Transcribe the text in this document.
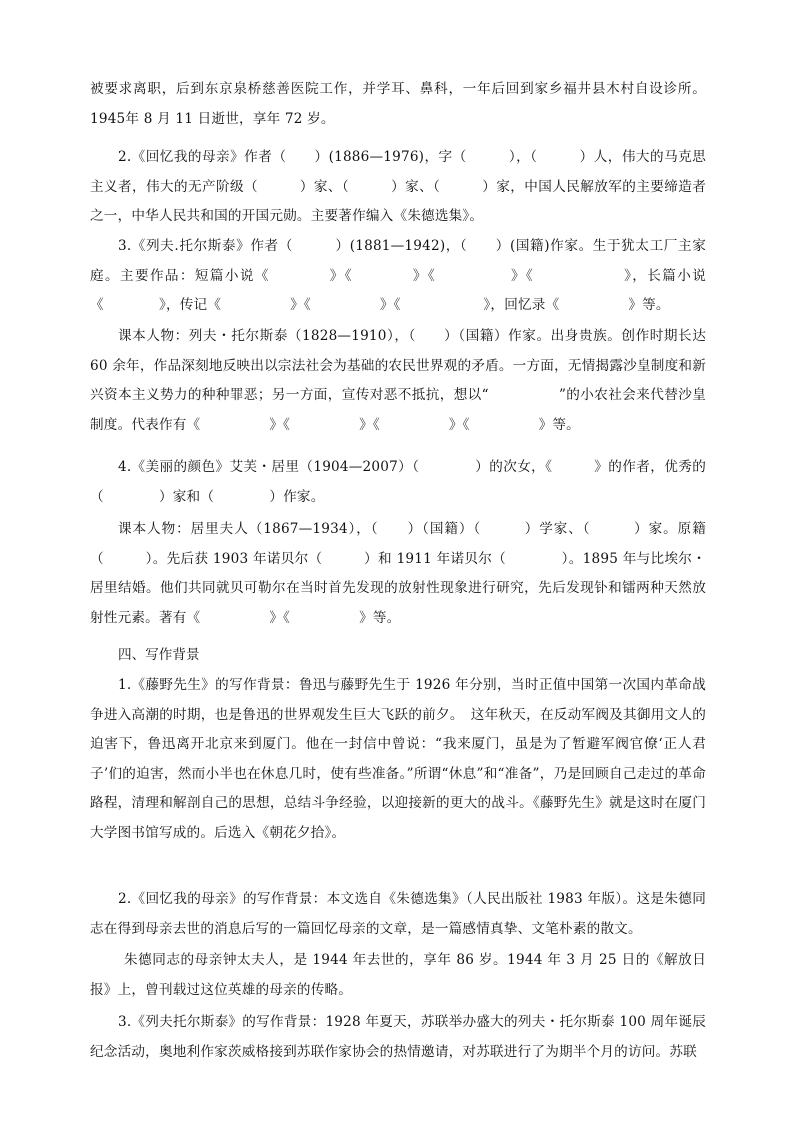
被要求离职，后到东京泉桥慈善医院工作，并学耳、鼻科，一年后回到家乡福井县木村自设诊所。1945年 8 月 11 日逝世，享年 72 岁。

2.《回忆我的母亲》作者（　　）(1886—1976)，字（　　　），（　　　）人，伟大的马克思主义者，伟大的无产阶级（　　　）家、（　　　）家、（　　　）家，中国人民解放军的主要缔造者之一，中华人民共和国的开国元勋。主要著作编入《朱德选集》。

3.《列夫.托尔斯泰》作者（　　　）(1881—1942)，（　　）(国籍)作家。生于犹太工厂主家庭。主要作品：短篇小说《　　　　》《　　　　》《　　　　　》《　　　　　　》，长篇小说《　　　　》，传记《　　　　　》《　　　　　》《　　　　　　》，回忆录《　　　　　》等。

课本人物：列夫・托尔斯泰（1828—1910），（　　）（国籍）作家。出身贵族。创作时期长达 60 余年，作品深刻地反映出以宗法社会为基础的农民世界观的矛盾。一方面，无情揭露沙皇制度和新兴资本主义势力的种种罪恶；另一方面，宣传对恶不抵抗，想以“　　　　　”的小农社会来代替沙皇制度。代表作有《　　　　　》《　　　　　》《　　　　　》《　　　　　》等。

4.《美丽的颜色》艾芙・居里（1904—2007）（　　　　）的次女，《　　　》的作者，优秀的（　　　　）家和（　　　　）作家。

课本人物：居里夫人（1867—1934），（　　）（国籍）（　　　）学家、（　　　）家。原籍（　　　）。先后获 1903 年诺贝尔（　　　）和 1911 年诺贝尔（　　　　）。1895 年与比埃尔・居里结婚。他们共同就贝可勒尔在当时首先发现的放射性现象进行研究，先后发现钋和镭两种天然放射性元素。著有《　　　　　》《　　　　　》等。

四、写作背景

1.《藤野先生》的写作背景：鲁迅与藤野先生于 1926 年分别，当时正值中国第一次国内革命战争进入高潮的时期，也是鲁迅的世界观发生巨大飞跃的前夕。　这年秋天，在反动军阀及其御用文人的迫害下，鲁迅离开北京来到厦门。他在一封信中曾说：“我来厦门，虽是为了暂避军阀官僚‘正人君子’们的迫害，然而小半也在休息几时，使有些准备。”所谓“休息”和“准备”，乃是回顾自己走过的革命路程，清理和解剖自己的思想，总结斗争经验，以迎接新的更大的战斗。《藤野先生》就是这时在厦门大学图书馆写成的。后选入《朝花夕拾》。

2.《回忆我的母亲》的写作背景：本文选自《朱德选集》（人民出版社 1983 年版）。这是朱德同志在得到母亲去世的消息后写的一篇回忆母亲的文章，是一篇感情真挚、文笔朴素的散文。

朱德同志的母亲钟太夫人，是 1944 年去世的，享年 86 岁。1944 年 3 月 25 日的《解放日报》上，曾刊载过这位英雄的母亲的传略。

3.《列夫托尔斯泰》的写作背景：1928 年夏天，苏联举办盛大的列夫・托尔斯泰 100 周年诞辰纪念活动，奥地利作家茨威格接到苏联作家协会的热情邀请，对苏联进行了为期半个月的访问。苏联
